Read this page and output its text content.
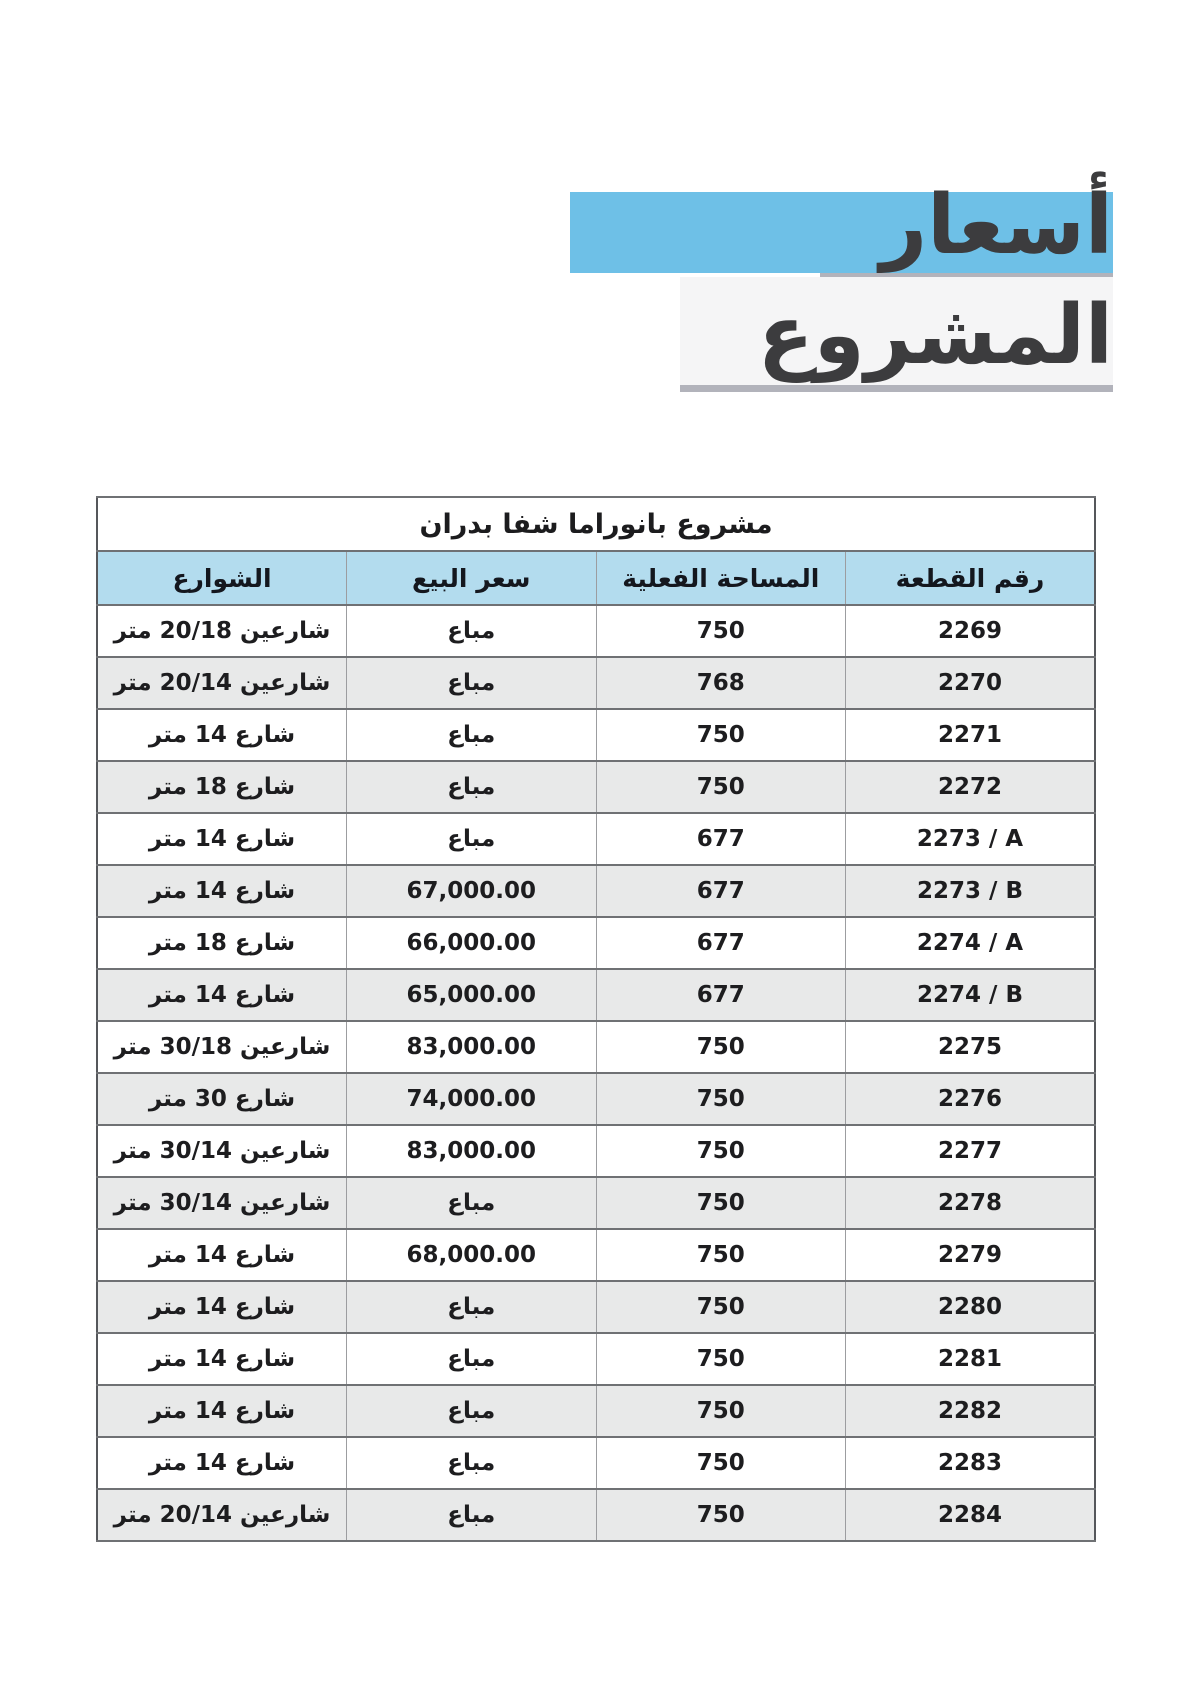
أسعار
المشروع
مشروع بانوراما شفا بدران			
رقم القطعة	المساحة الفعلية	سعر البيع	الشوارع
2269	750	مباع	شارعين 20/18 متر
2270	768	مباع	شارعين 20/14 متر
2271	750	مباع	شارع 14 متر
2272	750	مباع	شارع 18 متر
2273 / A	677	مباع	شارع 14 متر
2273 / B	677	67,000.00	شارع 14 متر
2274 / A	677	66,000.00	شارع 18 متر
2274 / B	677	65,000.00	شارع 14 متر
2275	750	83,000.00	شارعين 30/18 متر
2276	750	74,000.00	شارع 30 متر
2277	750	83,000.00	شارعين 30/14 متر
2278	750	مباع	شارعين 30/14 متر
2279	750	68,000.00	شارع 14 متر
2280	750	مباع	شارع 14 متر
2281	750	مباع	شارع 14 متر
2282	750	مباع	شارع 14 متر
2283	750	مباع	شارع 14 متر
2284	750	مباع	شارعين 20/14 متر
